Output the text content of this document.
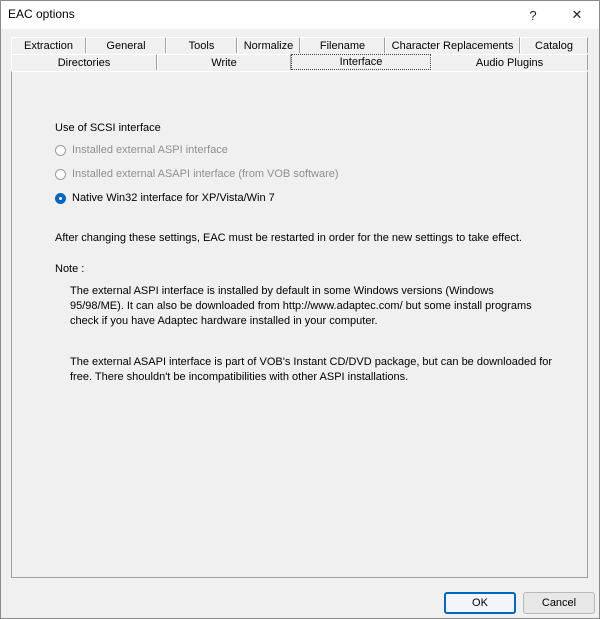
EAC options	?	✕
Extraction	General	Tools	Normalize Filename Character Replacements Catalog
Directories	Write	Interface	Audio Plugins
Use of SCSI interface
Installed external ASPI interface
Installed external ASAPI interface (from VOB software)
Native Win32 interface for XP/Vista/Win 7
After changing these settings, EAC must be restarted in order for the new settings to take effect.
Note :
The external ASPI interface is installed by default in some Windows versions (Windows 95/98/ME). It can also be downloaded from http://www.adaptec.com/ but some install programs check if you have Adaptec hardware installed in your computer.
The external ASAPI interface is part of VOB's Instant CD/DVD package, but can be downloaded for free. There shouldn't be incompatibilities with other ASPI installations.
OK	Cancel
